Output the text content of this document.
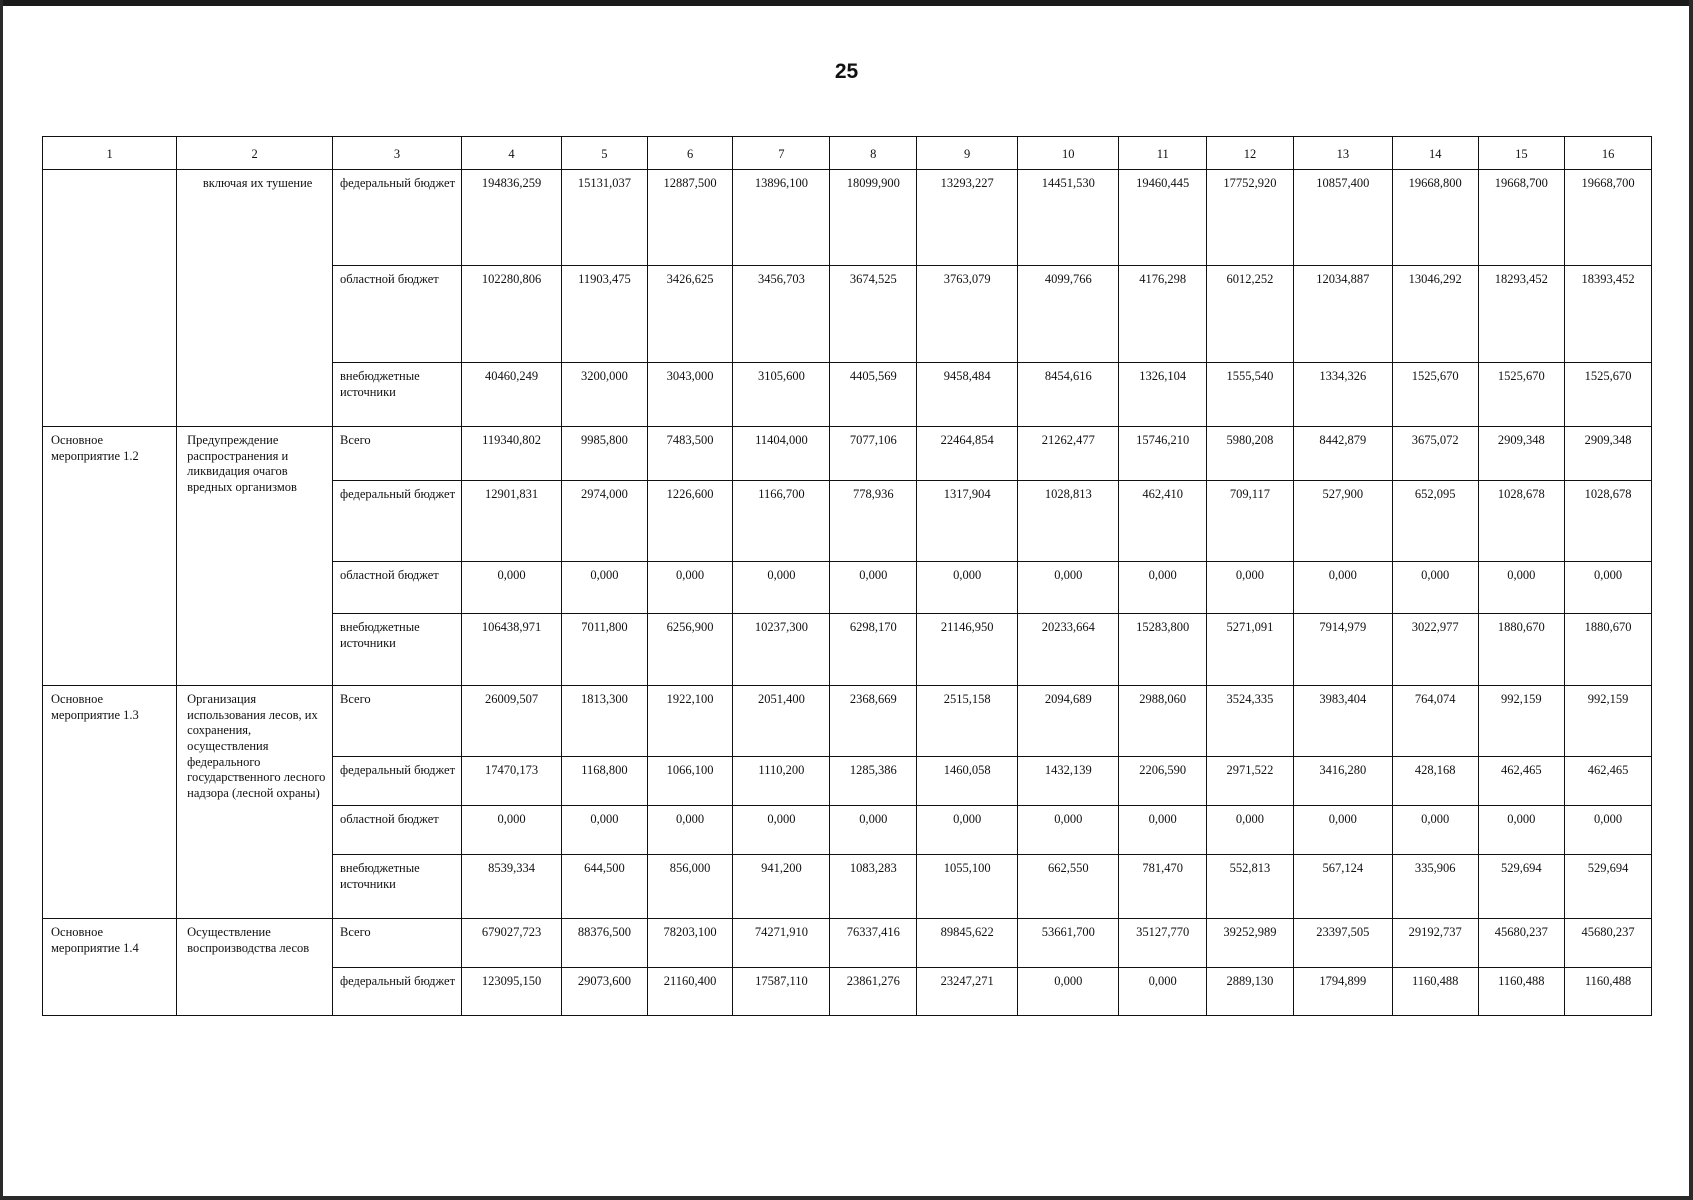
25
1	2	3	4	5	6	7	8	9	10	11	12	13	14	15	16
	включая их тушение	федеральный бюджет	194836,259	15131,037	12887,500	13896,100	18099,900	13293,227	14451,530	19460,445	17752,920	10857,400	19668,800	19668,700	19668,700
		областной бюджет	102280,806	11903,475	3426,625	3456,703	3674,525	3763,079	4099,766	4176,298	6012,252	12034,887	13046,292	18293,452	18393,452
		внебюджетные источники	40460,249	3200,000	3043,000	3105,600	4405,569	9458,484	8454,616	1326,104	1555,540	1334,326	1525,670	1525,670	1525,670
Основное мероприятие 1.2	Предупреждение распространения и ликвидация очагов вредных организмов	Всего	119340,802	9985,800	7483,500	11404,000	7077,106	22464,854	21262,477	15746,210	5980,208	8442,879	3675,072	2909,348	2909,348
		федеральный бюджет	12901,831	2974,000	1226,600	1166,700	778,936	1317,904	1028,813	462,410	709,117	527,900	652,095	1028,678	1028,678
		областной бюджет	0,000	0,000	0,000	0,000	0,000	0,000	0,000	0,000	0,000	0,000	0,000	0,000	0,000
		внебюджетные источники	106438,971	7011,800	6256,900	10237,300	6298,170	21146,950	20233,664	15283,800	5271,091	7914,979	3022,977	1880,670	1880,670
Основное мероприятие 1.3	Организация использования лесов, их сохранения, осуществления федерального государственного лесного надзора (лесной охраны)	Всего	26009,507	1813,300	1922,100	2051,400	2368,669	2515,158	2094,689	2988,060	3524,335	3983,404	764,074	992,159	992,159
		федеральный бюджет	17470,173	1168,800	1066,100	1110,200	1285,386	1460,058	1432,139	2206,590	2971,522	3416,280	428,168	462,465	462,465
		областной бюджет	0,000	0,000	0,000	0,000	0,000	0,000	0,000	0,000	0,000	0,000	0,000	0,000	0,000
		внебюджетные источники	8539,334	644,500	856,000	941,200	1083,283	1055,100	662,550	781,470	552,813	567,124	335,906	529,694	529,694
Основное мероприятие 1.4	Осуществление воспроизводства лесов	Всего	679027,723	88376,500	78203,100	74271,910	76337,416	89845,622	53661,700	35127,770	39252,989	23397,505	29192,737	45680,237	45680,237
		федеральный бюджет	123095,150	29073,600	21160,400	17587,110	23861,276	23247,271	0,000	0,000	2889,130	1794,899	1160,488	1160,488	1160,488
